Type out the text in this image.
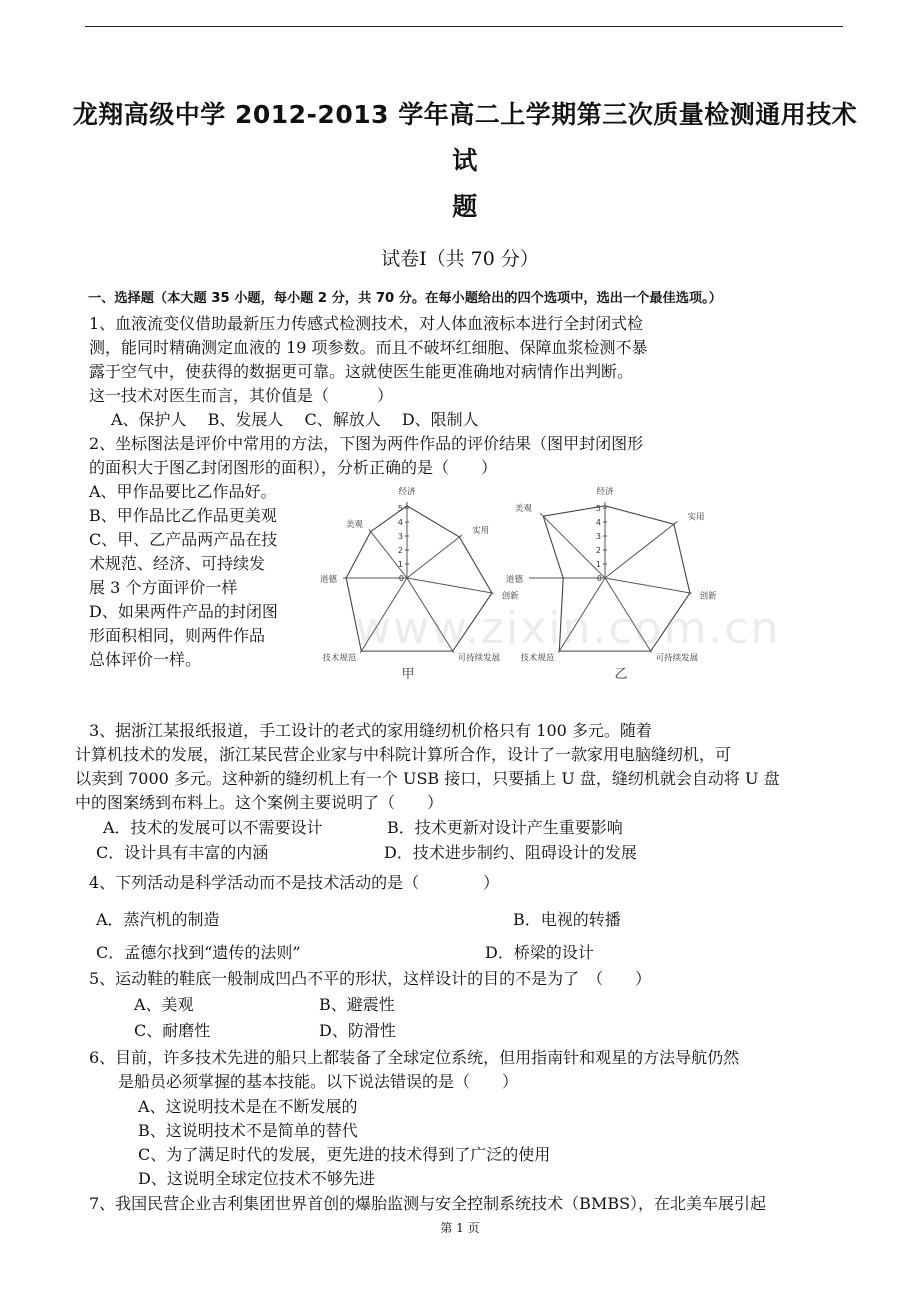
龙翔高级中学 2012-2013 学年高二上学期第三次质量检测通用技术试
题
试卷Ⅰ（共 70 分）
一、选择题（本大题 35 小题，每小题 2 分，共 70 分。在每小题给出的四个选项中，选出一个最佳选项。）
1、血液流变仪借助最新压力传感式检测技术，对人体血液标本进行全封闭式检
测，能同时精确测定血液的 19 项参数。而且不破坏红细胞、保障血浆检测不暴
露于空气中，使获得的数据更可靠。这就使医生能更准确地对病情作出判断。
这一技术对医生而言，其价值是（　　　）
A、保护人　 B、发展人　 C、解放人　 D、限制人
2、坐标图法是评价中常用的方法，下图为两件作品的评价结果（图甲封闭图形
的面积大于图乙封闭图形的面积），分析正确的是（　　）
A、甲作品要比乙作品好。
B、甲作品比乙作品更美观
C、甲、乙产品两产品在技
术规范、经济、可持续发
展 3 个方面评价一样
D、如果两件产品的封闭图
形面积相同，则两件作品
总体评价一样。
经济
实用
创新
可持续发展
技术规范
道德
美观
1
2
3
4
5
0
经济
实用
创新
可持续发展
技术规范
道德
美观
1
2
3
4
5
0
甲	乙
www.zixin.com.cn
3、据浙江某报纸报道，手工设计的老式的家用缝纫机价格只有 100 多元。随着
计算机技术的发展，浙江某民营企业家与中科院计算所合作，设计了一款家用电脑缝纫机，可
以卖到 7000 多元。这种新的缝纫机上有一个 USB 接口，只要插上 U 盘，缝纫机就会自动将 U 盘
中的图案绣到布料上。这个案例主要说明了（　　）
A．技术的发展可以不需要设计	B．技术更新对设计产生重要影响
C．设计具有丰富的内涵	D．技术进步制约、阻碍设计的发展
4、下列活动是科学活动而不是技术活动的是（　　　　）
A．蒸汽机的制造	B．电视的转播
C．孟德尔找到“遗传的法则”	D．桥梁的设计
5、运动鞋的鞋底一般制成凹凸不平的形状，这样设计的目的不是为了　（　　）
A、美观	B、避震性
C、耐磨性	D、防滑性
6、目前，许多技术先进的船只上都装备了全球定位系统，但用指南针和观星的方法导航仍然
是船员必须掌握的基本技能。以下说法错误的是（　　）
A、这说明技术是在不断发展的
B、这说明技术不是简单的替代
C、为了满足时代的发展，更先进的技术得到了广泛的使用
D、这说明全球定位技术不够先进
7、我国民营企业吉利集团世界首创的爆胎监测与安全控制系统技术（BMBS），在北美车展引起
第 1 页
